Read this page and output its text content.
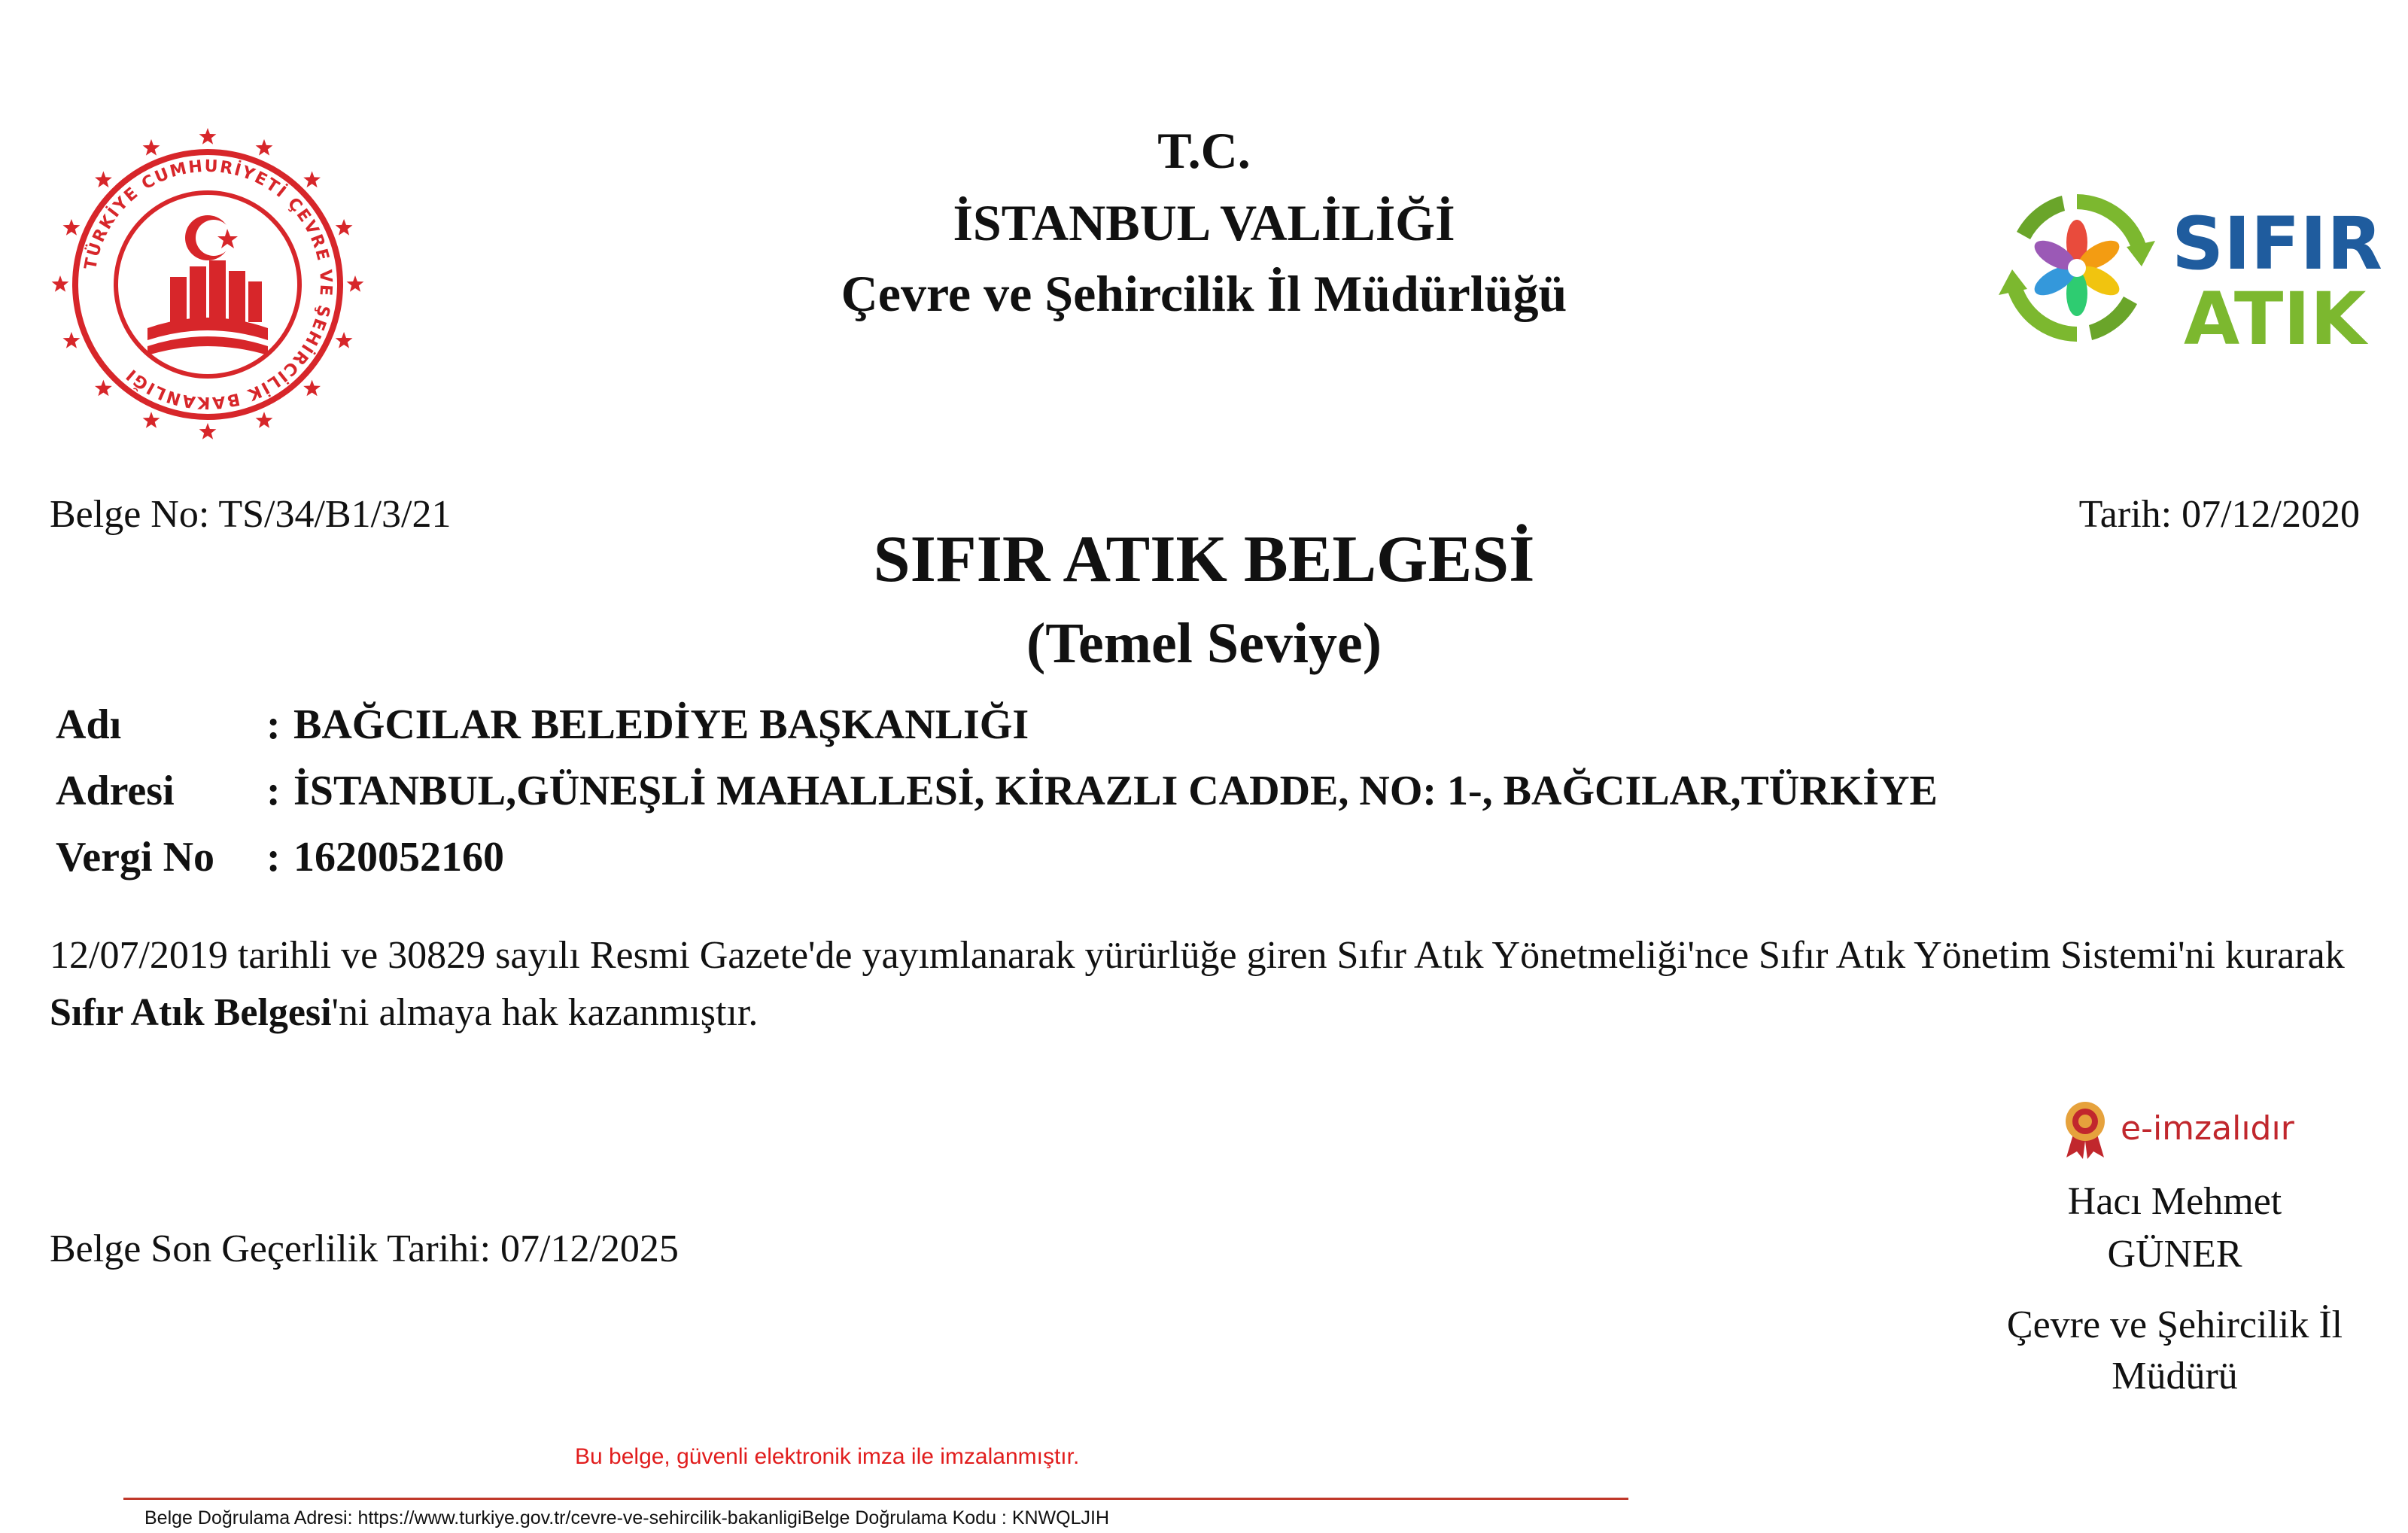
TÜRKİYE CUMHURİYETİ ÇEVRE VE ŞEHİRCİLİK BAKANLIĞI
T.C.
İSTANBUL VALİLİĞİ
Çevre ve Şehircilik İl Müdürlüğü
SIFIR
ATIK
Belge No: TS/34/B1/3/21	Tarih: 07/12/2020
SIFIR ATIK BELGESİ
(Temel Seviye)
Adı	: BAĞCILAR BELEDİYE BAŞKANLIĞI
Adresi : İSTANBUL,GÜNEŞLİ MAHALLESİ, KİRAZLI CADDE, NO: 1-, BAĞCILAR,TÜRKİYE
Vergi No : 1620052160
12/07/2019 tarihli ve 30829 sayılı Resmi Gazete'de yayımlanarak yürürlüğe giren Sıfır Atık Yönetmeliği'nce Sıfır Atık Yönetim Sistemi'ni kurarak Sıfır Atık Belgesi'ni almaya hak kazanmıştır.
e-imzalıdır
Belge Son Geçerlilik Tarihi: 07/12/2025
Hacı Mehmet
GÜNER
Çevre ve Şehircilik İl
Müdürü
Bu belge, güvenli elektronik imza ile imzalanmıştır.
Belge Doğrulama Adresi: https://www.turkiye.gov.tr/cevre-ve-sehircilik-bakanligiBelge Doğrulama Kodu : KNWQLJIH
